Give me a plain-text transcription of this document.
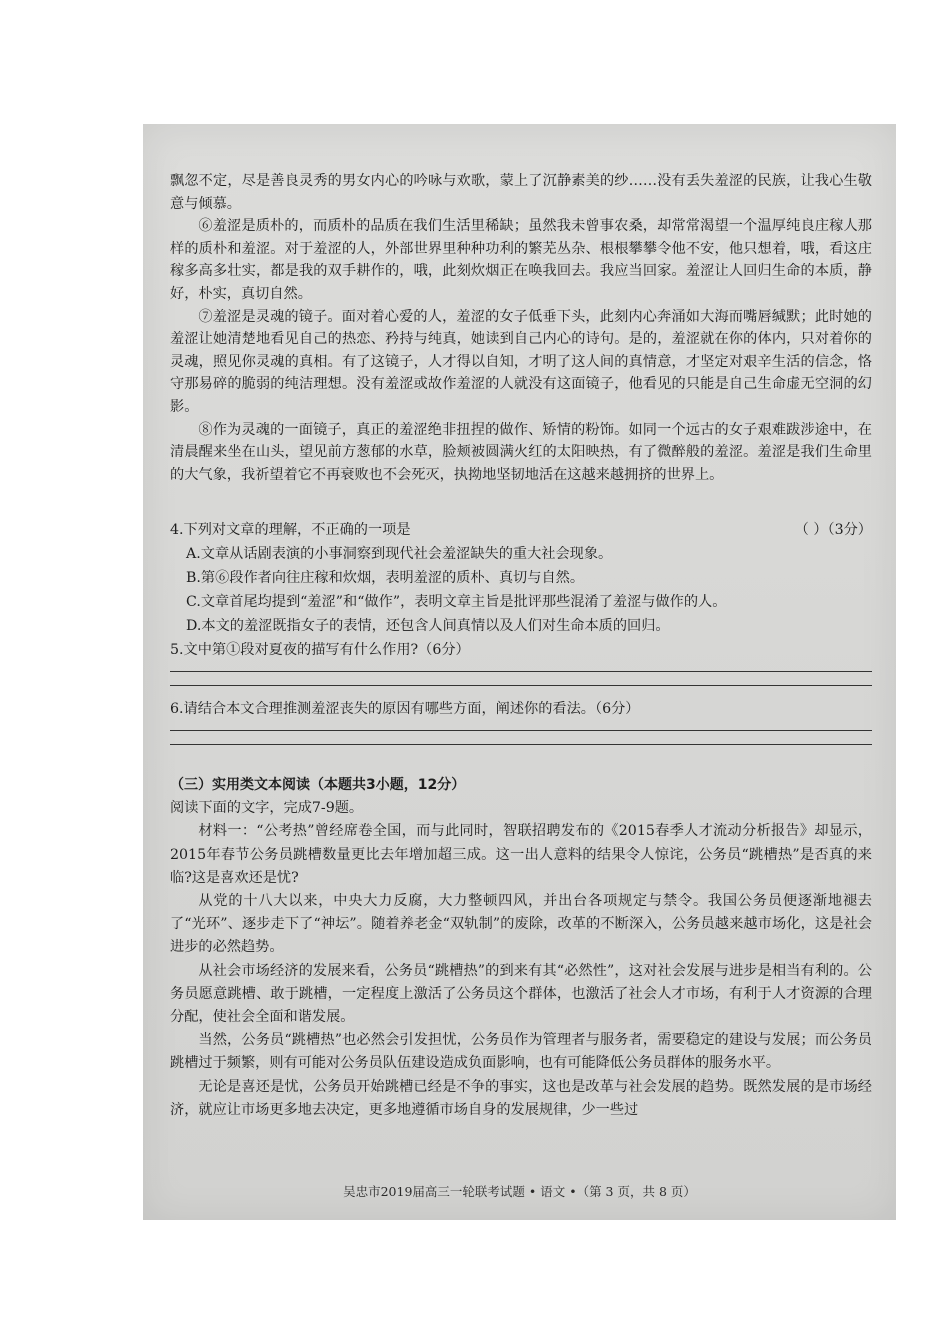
飘忽不定，尽是善良灵秀的男女内心的吟咏与欢歌，蒙上了沉静素美的纱……没有丢失羞涩的民族，让我心生敬意与倾慕。

⑥羞涩是质朴的，而质朴的品质在我们生活里稀缺；虽然我未曾事农桑，却常常渴望一个温厚纯良庄稼人那样的质朴和羞涩。对于羞涩的人，外部世界里种种功利的繁芜丛杂、根根攀攀令他不安，他只想着，哦，看这庄稼多高多壮实，都是我的双手耕作的，哦，此刻炊烟正在唤我回去。我应当回家。羞涩让人回归生命的本质，静好，朴实，真切自然。

⑦羞涩是灵魂的镜子。面对着心爱的人，羞涩的女子低垂下头，此刻内心奔涌如大海而嘴唇缄默；此时她的羞涩让她清楚地看见自己的热恋、矜持与纯真，她读到自己内心的诗句。是的，羞涩就在你的体内，只对着你的灵魂，照见你灵魂的真相。有了这镜子，人才得以自知，才明了这人间的真情意，才坚定对艰辛生活的信念，恪守那易碎的脆弱的纯洁理想。没有羞涩或故作羞涩的人就没有这面镜子，他看见的只能是自己生命虚无空洞的幻影。

⑧作为灵魂的一面镜子，真正的羞涩绝非扭捏的做作、矫情的粉饰。如同一个远古的女子艰难跋涉途中，在清晨醒来坐在山头，望见前方葱郁的水草，脸颊被圆满火红的太阳映热，有了微醉般的羞涩。羞涩是我们生命里的大气象，我祈望着它不再衰败也不会死灭，执拗地坚韧地活在这越来越拥挤的世界上。

4.下列对文章的理解，不正确的一项是	（ ）（3分）

A.文章从话剧表演的小事洞察到现代社会羞涩缺失的重大社会现象。

B.第⑥段作者向往庄稼和炊烟，表明羞涩的质朴、真切与自然。

C.文章首尾均提到“羞涩”和“做作”，表明文章主旨是批评那些混淆了羞涩与做作的人。

D.本文的羞涩既指女子的表情，还包含人间真情以及人们对生命本质的回归。

5.文中第①段对夏夜的描写有什么作用?（6分）

6.请结合本文合理推测羞涩丧失的原因有哪些方面，阐述你的看法。（6分）

（三）实用类文本阅读（本题共3小题，12分）

阅读下面的文字，完成7-9题。

材料一：“公考热”曾经席卷全国，而与此同时，智联招聘发布的《2015春季人才流动分析报告》却显示，2015年春节公务员跳槽数量更比去年增加超三成。这一出人意料的结果令人惊诧，公务员“跳槽热”是否真的来临?这是喜欢还是忧?

从党的十八大以来，中央大力反腐，大力整顿四风，并出台各项规定与禁令。我国公务员便逐渐地褪去了“光环”、逐步走下了“神坛”。随着养老金“双轨制”的废除，改革的不断深入，公务员越来越市场化，这是社会进步的必然趋势。

从社会市场经济的发展来看，公务员“跳槽热”的到来有其“必然性”，这对社会发展与进步是相当有利的。公务员愿意跳槽、敢于跳槽，一定程度上激活了公务员这个群体，也激活了社会人才市场，有利于人才资源的合理分配，使社会全面和谐发展。

当然，公务员“跳槽热”也必然会引发担忧，公务员作为管理者与服务者，需要稳定的建设与发展；而公务员跳槽过于频繁，则有可能对公务员队伍建设造成负面影响，也有可能降低公务员群体的服务水平。

无论是喜还是忧，公务员开始跳槽已经是不争的事实，这也是改革与社会发展的趋势。既然发展的是市场经济，就应让市场更多地去决定，更多地遵循市场自身的发展规律，少一些过

吴忠市2019届高三一轮联考试题 • 语文 •（第 3 页，共 8 页）
